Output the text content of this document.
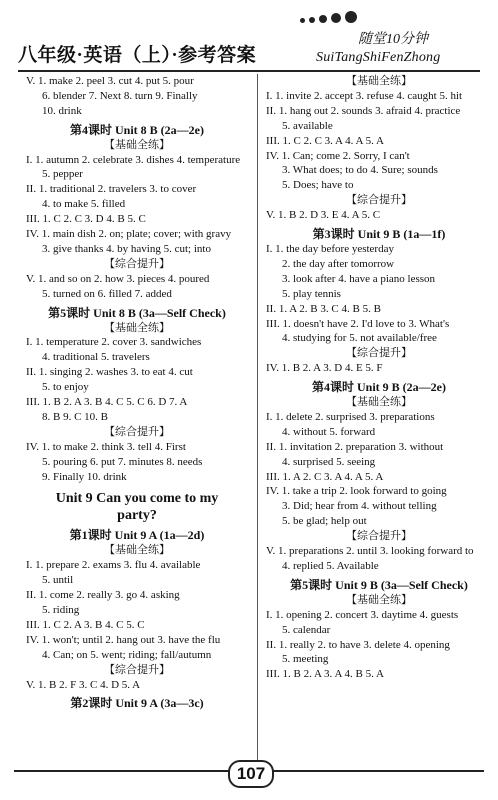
八年级·英语（上）·参考答案
随堂10分钟
SuiTangShiFenZhong
V. 1. make 2. peel 3. cut 4. put 5. pour
6. blender 7. Next 8. turn 9. Finally
10. drink
第4课时 Unit 8 B (2a—2e)
【基础全练】
I. 1. autumn 2. celebrate 3. dishes 4. temperature
5. pepper
II. 1. traditional 2. travelers 3. to cover
4. to make 5. filled
III. 1. C 2. C 3. D 4. B 5. C
IV. 1. main dish 2. on; plate; cover; with gravy
3. give thanks 4. by having 5. cut; into
【综合提升】
V. 1. and so on 2. how 3. pieces 4. poured
5. turned on 6. filled 7. added
第5课时 Unit 8 B (3a—Self Check)
【基础全练】
I. 1. temperature 2. cover 3. sandwiches
4. traditional 5. travelers
II. 1. singing 2. washes 3. to eat 4. cut
5. to enjoy
III. 1. B 2. A 3. B 4. C 5. C 6. D 7. A
8. B 9. C 10. B
【综合提升】
IV. 1. to make 2. think 3. tell 4. First
5. pouring 6. put 7. minutes 8. needs
9. Finally 10. drink
Unit 9 Can you come to my
party?
第1课时 Unit 9 A (1a—2d)
【基础全练】
I. 1. prepare 2. exams 3. flu 4. available
5. until
II. 1. come 2. really 3. go 4. asking
5. riding
III. 1. C 2. A 3. B 4. C 5. C
IV. 1. won't; until 2. hang out 3. have the flu
4. Can; on 5. went; riding; fall/autumn
【综合提升】
V. 1. B 2. F 3. C 4. D 5. A
第2课时 Unit 9 A (3a—3c)
【基础全练】
I. 1. invite 2. accept 3. refuse 4. caught 5. hit
II. 1. hang out 2. sounds 3. afraid 4. practice
5. available
III. 1. C 2. C 3. A 4. A 5. A
IV. 1. Can; come 2. Sorry, I can't
3. What does; to do 4. Sure; sounds
5. Does; have to
【综合提升】
V. 1. B 2. D 3. E 4. A 5. C
第3课时 Unit 9 B (1a—1f)
I. 1. the day before yesterday
2. the day after tomorrow
3. look after 4. have a piano lesson
5. play tennis
II. 1. A 2. B 3. C 4. B 5. B
III. 1. doesn't have 2. I'd love to 3. What's
4. studying for 5. not available/free
【综合提升】
IV. 1. B 2. A 3. D 4. E 5. F
第4课时 Unit 9 B (2a—2e)
【基础全练】
I. 1. delete 2. surprised 3. preparations
4. without 5. forward
II. 1. invitation 2. preparation 3. without
4. surprised 5. seeing
III. 1. A 2. C 3. A 4. A 5. A
IV. 1. take a trip 2. look forward to going
3. Did; hear from 4. without telling
5. be glad; help out
【综合提升】
V. 1. preparations 2. until 3. looking forward to
4. replied 5. Available
第5课时 Unit 9 B (3a—Self Check)
【基础全练】
I. 1. opening 2. concert 3. daytime 4. guests
5. calendar
II. 1. really 2. to have 3. delete 4. opening
5. meeting
III. 1. B 2. A 3. A 4. B 5. A
107
